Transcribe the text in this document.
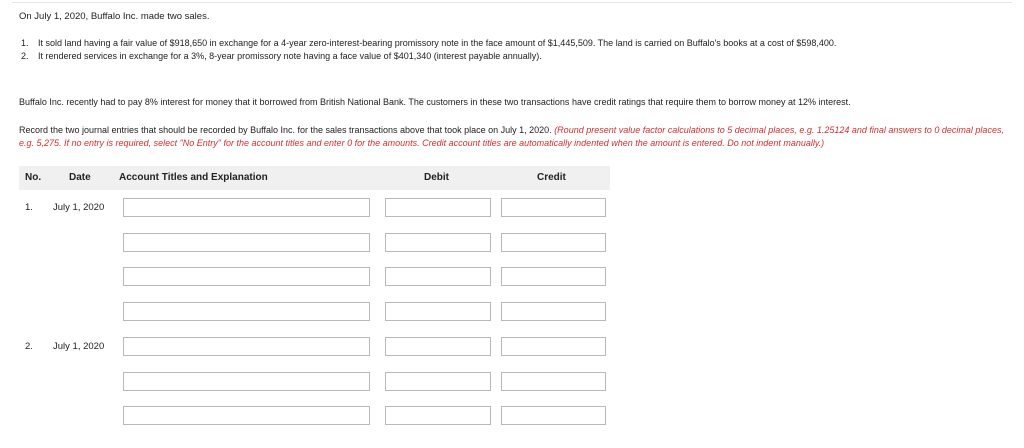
On July 1, 2020, Buffalo Inc. made two sales.
1.	It sold land having a fair value of $918,650 in exchange for a 4-year zero-interest-bearing promissory note in the face amount of $1,445,509. The land is carried on Buffalo's books at a cost of $598,400.
2.	It rendered services in exchange for a 3%, 8-year promissory note having a face value of $401,340 (interest payable annually).
Buffalo Inc. recently had to pay 8% interest for money that it borrowed from British National Bank. The customers in these two transactions have credit ratings that require them to borrow money at 12% interest.
Record the two journal entries that should be recorded by Buffalo Inc. for the sales transactions above that took place on July 1, 2020. (Round present value factor calculations to 5 decimal places, e.g. 1.25124 and final answers to 0 decimal places, e.g. 5,275. If no entry is required, select "No Entry" for the account titles and enter 0 for the amounts. Credit account titles are automatically indented when the amount is entered. Do not indent manually.)
No.	Date	Account Titles and Explanation	Debit	Credit
1. July 1, 2020
2. July 1, 2020
